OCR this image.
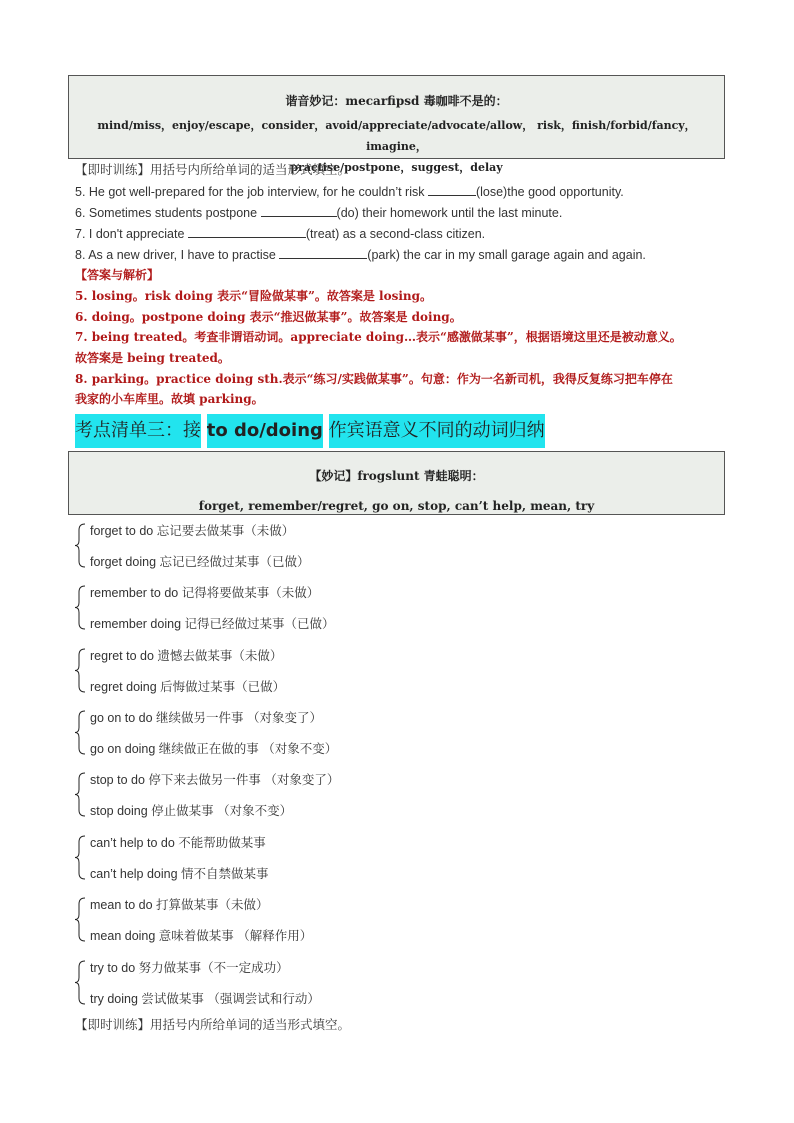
谐音妙记：mecarfipsd 毒咖啡不是的：
mind/miss，enjoy/escape，consider，avoid/appreciate/advocate/allow， risk，finish/forbid/fancy，imagine，
practise/postpone，suggest，delay
【即时训练】用括号内所给单词的适当形式填空。
5. He got well-prepared for the job interview, for he couldn’t risk	(lose)the good opportunity.
6. Sometimes students postpone	(do) their homework until the last minute.
7. I don't appreciate	(treat) as a second-class citizen.
8. As a new driver, I have to practise	(park) the car in my small garage again and again.
【答案与解析】
5. losing。risk doing 表示“冒险做某事”。故答案是 losing。
6. doing。postpone doing 表示“推迟做某事”。故答案是 doing。
7. being treated。考查非谓语动词。appreciate doing…表示“感激做某事”，根据语境这里还是被动意义。
故答案是 being treated。
8. parking。practice doing sth.表示“练习/实践做某事”。句意：作为一名新司机，我得反复练习把车停在
我家的小车库里。故填 parking。
考点清单三：接 to do/doing 作宾语意义不同的动词归纳
【妙记】frogslunt 青蛙聪明：
forget, remember/regret, go on, stop, can’t help, mean, try
forget to do 忘记要去做某事（未做）
forget doing 忘记已经做过某事（已做）
remember to do 记得将要做某事（未做）
remember doing 记得已经做过某事（已做）
regret to do 遗憾去做某事（未做）
regret doing 后悔做过某事（已做）
go on to do 继续做另一件事 （对象变了）
go on doing 继续做正在做的事 （对象不变）
stop to do 停下来去做另一件事 （对象变了）
stop doing 停止做某事 （对象不变）
can’t help to do 不能帮助做某事
can’t help doing 情不自禁做某事
mean to do 打算做某事（未做）
mean doing 意味着做某事 （解释作用）
try to do 努力做某事（不一定成功）
try doing 尝试做某事 （强调尝试和行动）
【即时训练】用括号内所给单词的适当形式填空。
